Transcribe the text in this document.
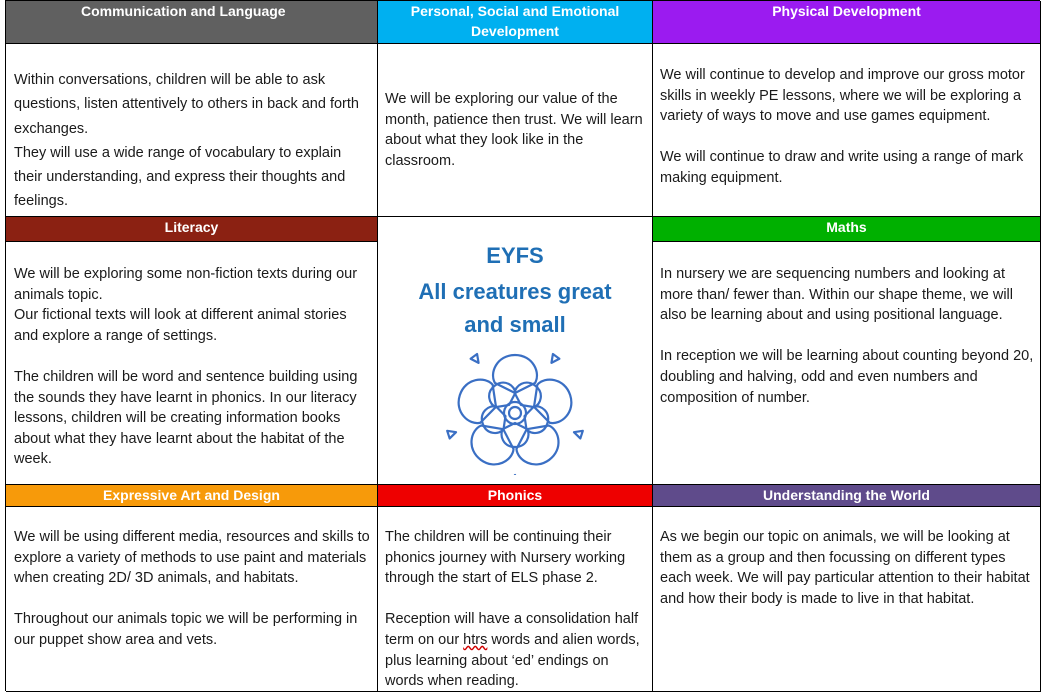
Communication and Language

Within conversations, children will be able to ask questions, listen attentively to others in back and forth exchanges.

They will use a wide range of vocabulary to explain their understanding, and express their thoughts and feelings.

Personal, Social and Emotional Development

We will be exploring our value of the month, patience then trust. We will learn about what they look like in the classroom.

Physical Development

We will continue to develop and improve our gross motor skills in weekly PE lessons, where we will be exploring a variety of ways to move and use games equipment.

We will continue to draw and write using a range of mark making equipment.

Literacy

We will be exploring some non-fiction texts during our animals topic.

Our fictional texts will look at different animal stories and explore a range of settings.

The children will be word and sentence building using the sounds they have learnt in phonics. In our literacy lessons, children will be creating information books about what they have learnt about the habitat of the week.

EYFS
All creatures great and small
Maths

In nursery we are sequencing numbers and looking at more than/ fewer than. Within our shape theme, we will also be learning about and using positional language.

In reception we will be learning about counting beyond 20, doubling and halving, odd and even numbers and composition of number.

Expressive Art and Design

We will be using different media, resources and skills to explore a variety of methods to use paint and materials when creating 2D/ 3D animals, and habitats.

Throughout our animals topic we will be performing in our puppet show area and vets.

Phonics

The children will be continuing their phonics journey with Nursery working through the start of ELS phase 2.

Reception will have a consolidation half term on our htrs words and alien words, plus learning about ‘ed’ endings on words when reading.

Understanding the World

As we begin our topic on animals, we will be looking at them as a group and then focussing on different types each week. We will pay particular attention to their habitat and how their body is made to live in that habitat.
